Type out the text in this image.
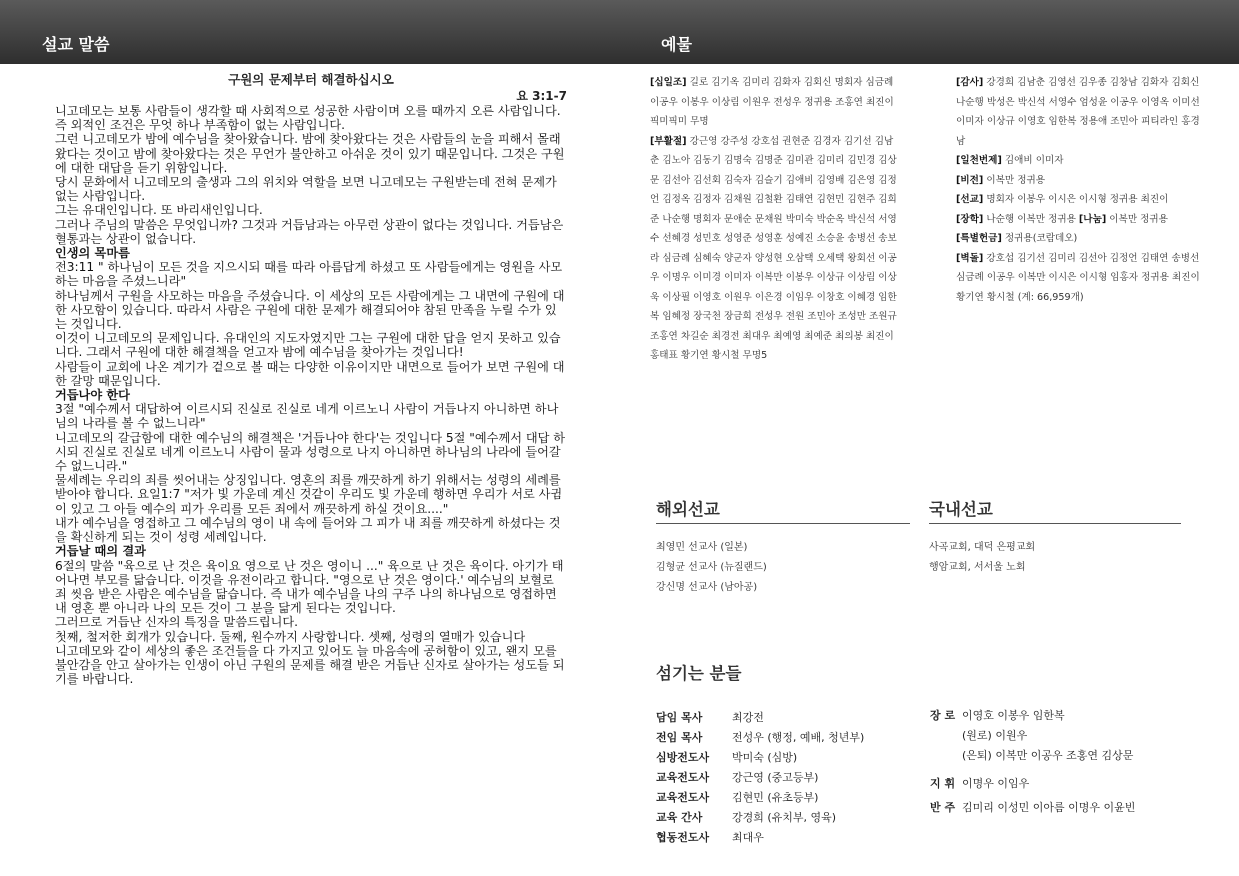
설교 말씀	예물
구원의 문제부터 해결하십시오
요 3:1-7

니고데모는 보통 사람들이 생각할 때 사회적으로 성공한 사람이며 오를 때까지 오른 사람입니다. 즉 외적인 조건은 무엇 하나 부족함이 없는 사람입니다.

그런 니고데모가 밤에 예수님을 찾아왔습니다. 밤에 찾아왔다는 것은 사람들의 눈을 피해서 몰래 왔다는 것이고 밤에 찾아왔다는 것은 무언가 불안하고 아쉬운 것이 있기 때문입니다. 그것은 구원에 대한 대답을 듣기 위함입니다.

당시 문화에서 니고데모의 출생과 그의 위치와 역할을 보면 니고데모는 구원받는데 전혀 문제가 없는 사람입니다.

그는 유대인입니다. 또 바리새인입니다.

그러나 주님의 말씀은 무엇입니까? 그것과 거듭남과는 아무런 상관이 없다는 것입니다. 거듭남은 혈통과는 상관이 없습니다.

인생의 목마름

전3:11 " 하나님이 모든 것을 지으시되 때를 따라 아름답게 하셨고 또 사람들에게는 영원을 사모하는 마음을 주셨느니라"

하나님께서 구원을 사모하는 마음을 주셨습니다. 이 세상의 모든 사람에게는 그 내면에 구원에 대한 사모함이 있습니다. 따라서 사람은 구원에 대한 문제가 해결되어야 참된 만족을 누릴 수가 있는 것입니다.

이것이 니고데모의 문제입니다. 유대인의 지도자였지만 그는 구원에 대한 답을 얻지 못하고 있습니다. 그래서 구원에 대한 해결책을 얻고자 밤에 예수님을 찾아가는 것입니다!

사람들이 교회에 나온 계기가 겉으로 볼 때는 다양한 이유이지만 내면으로 들어가 보면 구원에 대한 갈망 때문입니다.

거듭나야 한다

3절 "예수께서 대답하여 이르시되 진실로 진실로 네게 이르노니 사람이 거듭나지 아니하면 하나님의 나라를 볼 수 없느니라"

니고데모의 갈급함에 대한 예수님의 해결책은 '거듭나야 한다'는 것입니다 5절 "예수께서 대답 하시되 진실로 진실로 네게 이르노니 사람이 물과 성령으로 나지 아니하면 하나님의 나라에 들어갈 수 없느니라."

물세례는 우리의 죄를 씻어내는 상징입니다. 영혼의 죄를 깨끗하게 하기 위해서는 성령의 세례를 받아야 합니다. 요일1:7 "저가 빛 가운데 계신 것같이 우리도 빛 가운데 행하면 우리가 서로 사귐이 있고 그 아들 예수의 피가 우리를 모든 죄에서 깨끗하게 하실 것이요...."

내가 예수님을 영접하고 그 예수님의 영이 내 속에 들어와 그 피가 내 죄를 깨끗하게 하셨다는 것을 확신하게 되는 것이 성령 세례입니다.

거듭날 때의 결과

6절의 말씀 "육으로 난 것은 육이요 영으로 난 것은 영이니 ..." 육으로 난 것은 육이다. 아기가 태어나면 부모를 닮습니다. 이것을 유전이라고 합니다. "영으로 난 것은 영이다.' 예수님의 보혈로 죄 씻음 받은 사람은 예수님을 닮습니다. 즉 내가 예수님을 나의 구주 나의 하나님으로 영접하면 내 영혼 뿐 아니라 나의 모든 것이 그 분을 닮게 된다는 것입니다.

그러므로 거듭난 신자의 특징을 말씀드립니다.

첫째, 철저한 회개가 있습니다. 둘째, 원수까지 사랑합니다. 셋째, 성령의 열매가 있습니다

니고데모와 같이 세상의 좋은 조건들을 다 가지고 있어도 늘 마음속에 공허함이 있고, 왠지 모를 불안감을 안고 살아가는 인생이 아닌 구원의 문제를 해결 받은 거듭난 신자로 살아가는 성도들 되기를 바랍니다.

[십일조] 길로 김기옥 김미리 김화자 김회신 명회자 심금례 이공우 이봉우 이상림 이원우 전성우 정귀용 조홍연 최진이 픽미픽미 무명

[부활절] 강근영 강주성 강호섭 권현준 김경자 김기선 김남춘 김노아 김동기 김명숙 김명준 김미관 김미리 김민경 김상문 김선아 김선회 김숙자 김슬기 김애비 김영배 김은영 김정언 김정옥 김정자 김채원 김철환 김태연 김현민 김현주 김희준 나순행 명회자 문애순 문채원 박미숙 박순옥 박신석 서영수 선혜경 성민호 성영준 성영훈 성예진 소승윤 송병선 송보라 심금례 심혜숙 양군자 양성현 오삼택 오세택 왕회선 이공우 이명우 이미경 이미자 이복만 이봉우 이상규 이상림 이상욱 이상필 이영호 이원우 이은경 이임우 이창호 이혜경 임한복 임혜정 장국천 장금희 전성우 전원 조민아 조성만 조원규 조홍연 차길순 최경전 최대우 최예영 최예준 최의봉 최진이 홍태표 황기연 황시철 무명5

[감사] 강경희 김남춘 김영선 김우종 김창남 김화자 김회신 나순행 박성은 박신석 서영수 엄성윤 이공우 이영옥 이미선 이미자 이상규 이영호 임한복 정용애 조민아 피티라인 홍경남

[일천번제] 김애비 이미자

[비전] 이복만 정귀용

[선교] 명회자 이봉우 이시은 이시형 정귀용 최진이

[장학] 나순행 이복만 정귀용 [나눔] 이복만 정귀용

[특별헌금] 정귀용(코람데오)

[벽돌] 강호섭 김기선 김미리 김선아 김정언 김태연 송병선 심금례 이공우 이복만 이시은 이시형 임홍자 정귀용 최진이 황기연 황시철 (계: 66,959개)

해외선교
최영민 선교사 (일본)
김형균 선교사 (뉴질랜드)
강신명 선교사 (남아공)
국내선교
사곡교회, 대덕 은평교회
행암교회, 서서울 노회
섬기는 분들
담임 목사	최강전
전임 목사	전성우 (행정, 예배, 청년부)
심방전도사 박미숙 (심방)
교육전도사 강근영 (중고등부)
교육전도사 김현민 (유초등부)
교육 간사	강경희 (유치부, 영육)
협동전도사 최대우
장 로 이영호 이봉우 임한복
(원로) 이원우
(은퇴) 이복만 이공우 조홍연 김상문
지 휘 이명우 이임우
반 주 김미리 이성민 이아름 이명우 이윤빈
